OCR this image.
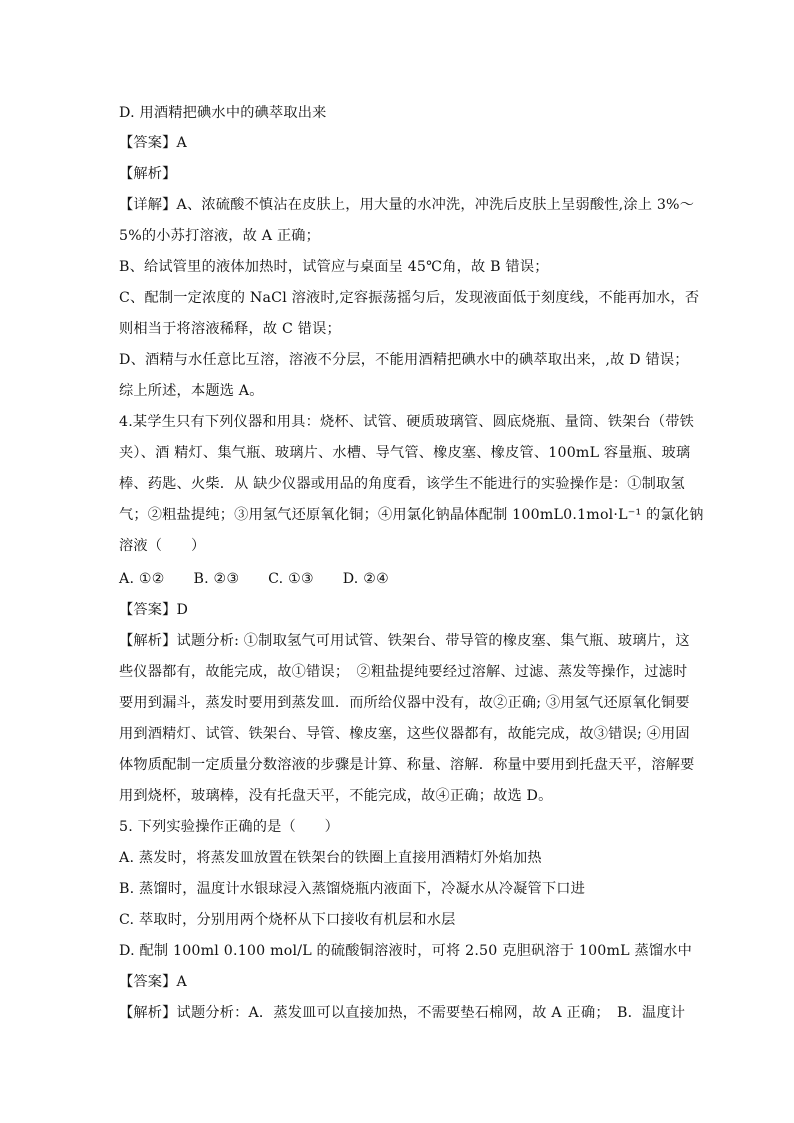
D. 用酒精把碘水中的碘萃取出来
【答案】A
【解析】
【详解】A、浓硫酸不慎沾在皮肤上，用大量的水冲洗，冲洗后皮肤上呈弱酸性,涂上 3%～
5%的小苏打溶液，故 A 正确；
B、给试管里的液体加热时，试管应与桌面呈 45℃角，故 B 错误；
C、配制一定浓度的 NaCl 溶液时,定容振荡摇匀后，发现液面低于刻度线，不能再加水，否
则相当于将溶液稀释，故 C 错误；
D、酒精与水任意比互溶，溶液不分层，不能用酒精把碘水中的碘萃取出来，,故 D 错误；
综上所述，本题选 A。
4.某学生只有下列仪器和用具：烧杯、试管、硬质玻璃管、圆底烧瓶、量筒、铁架台（带铁
夹）、酒 精灯、集气瓶、玻璃片、水槽、导气管、橡皮塞、橡皮管、100mL 容量瓶、玻璃
棒、药匙、火柴．从 缺少仪器或用品的角度看，该学生不能进行的实验操作是：①制取氢
气；②粗盐提纯；③用氢气还原氧化铜；④用氯化钠晶体配制 100mL0.1mol·L⁻¹ 的氯化钠
溶液（　　）
A. ①②　　B. ②③　　C. ①③　　D. ②④
【答案】D
【解析】试题分析: ①制取氢气可用试管、铁架台、带导管的橡皮塞、集气瓶、玻璃片，这
些仪器都有，故能完成，故①错误；　②粗盐提纯要经过溶解、过滤、蒸发等操作，过滤时
要用到漏斗，蒸发时要用到蒸发皿．而所给仪器中没有，故②正确; ③用氢气还原氧化铜要
用到酒精灯、试管、铁架台、导管、橡皮塞，这些仪器都有，故能完成，故③错误; ④用固
体物质配制一定质量分数溶液的步骤是计算、称量、溶解．称量中要用到托盘天平，溶解要
用到烧杯，玻璃棒，没有托盘天平，不能完成，故④正确；故选 D。
5. 下列实验操作正确的是（　　）
A. 蒸发时，将蒸发皿放置在铁架台的铁圈上直接用酒精灯外焰加热
B. 蒸馏时，温度计水银球浸入蒸馏烧瓶内液面下，冷凝水从冷凝管下口进
C. 萃取时，分别用两个烧杯从下口接收有机层和水层
D. 配制 100ml 0.100 mol/L 的硫酸铜溶液时，可将 2.50 克胆矾溶于 100mL 蒸馏水中
【答案】A
【解析】试题分析：A．蒸发皿可以直接加热，不需要垫石棉网，故 A 正确；　B．温度计
